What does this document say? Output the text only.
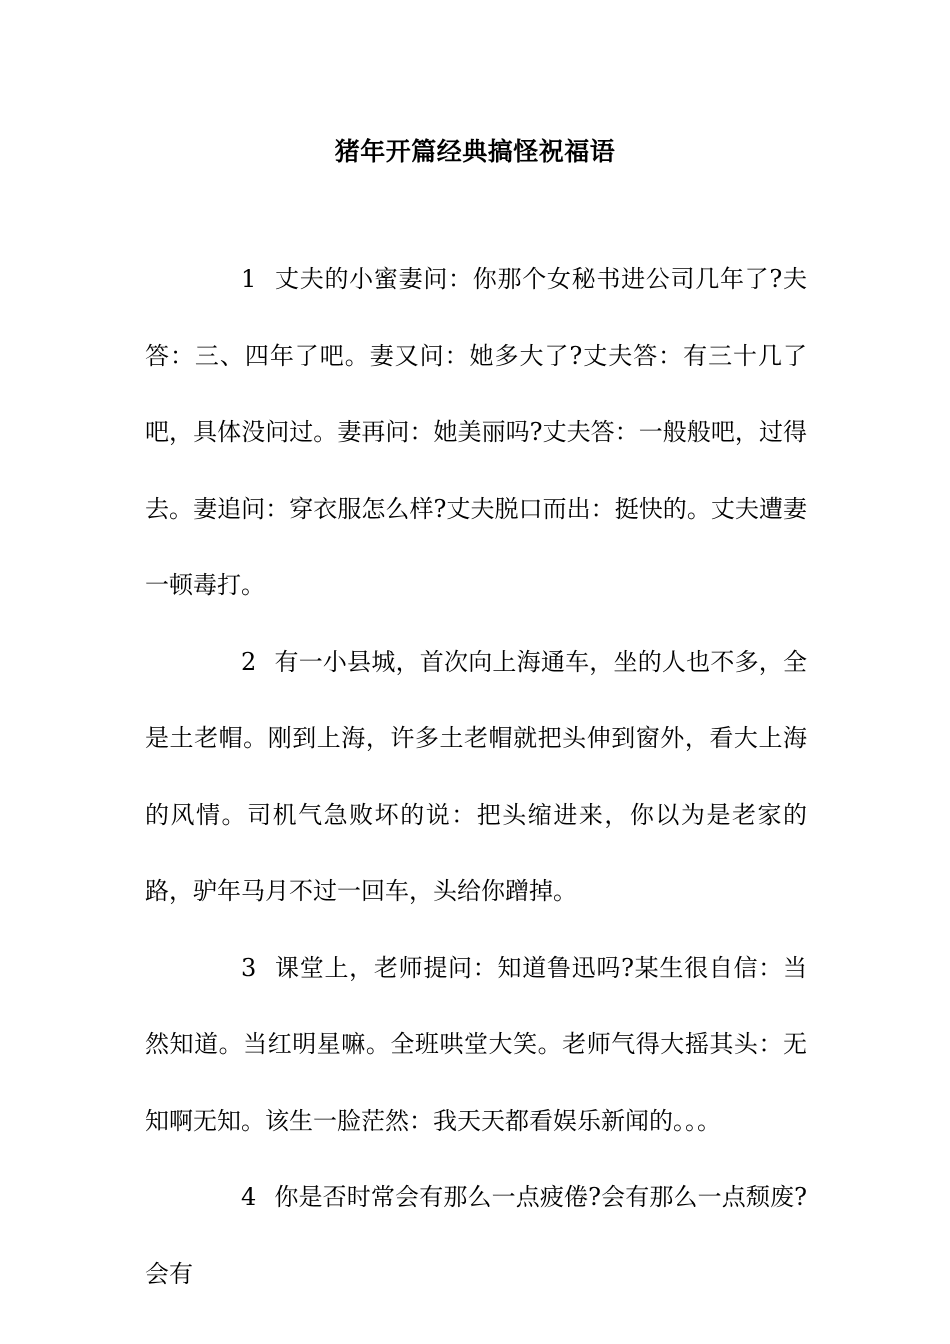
猪年开篇经典搞怪祝福语

1 丈夫的小蜜妻问：你那个女秘书进公司几年了?夫答：三、四年了吧。妻又问：她多大了?丈夫答：有三十几了吧，具体没问过。妻再问：她美丽吗?丈夫答：一般般吧，过得去。妻追问：穿衣服怎么样?丈夫脱口而出：挺快的。丈夫遭妻一顿毒打。

2 有一小县城，首次向上海通车，坐的人也不多，全是土老帽。刚到上海，许多土老帽就把头伸到窗外，看大上海的风情。司机气急败坏的说：把头缩进来，你以为是老家的路，驴年马月不过一回车，头给你蹭掉。

3 课堂上，老师提问：知道鲁迅吗?某生很自信：当然知道。当红明星嘛。全班哄堂大笑。老师气得大摇其头：无知啊无知。该生一脸茫然：我天天都看娱乐新闻的。。。

4 你是否时常会有那么一点疲倦?会有那么一点颓废?会有
